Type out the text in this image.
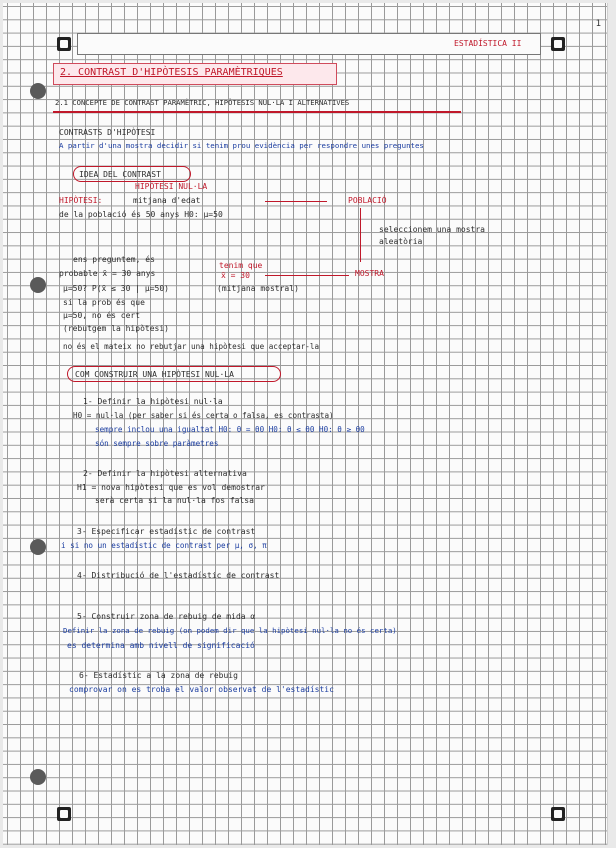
1
ESTADÍSTICA II
2. CONTRAST D'HIPÒTESIS PARAMÈTRIQUES
2.1 CONCEPTE DE CONTRAST PARAMÈTRIC, HIPÒTESIS NUL·LA I ALTERNATIVES
CONTRASTS D'HIPÒTESI
A partir d'una mostra decidir si tenim prou evidència per respondre unes preguntes
IDEA DEL CONTRAST
HIPÒTESI NUL·LA
HIPÒTESI:	mitjana d'edat	POBLACIÓ
de la població és 50 anys H0: μ=50
seleccionem una mostra
aleatòria
ens preguntem, és
probable x̄ = 30 anys
tenim que
x̄ = 30	MOSTRA
μ=50? P(x̄ ≤ 30 | μ=50)	(mitjana mostral)
si la prob és que
μ=50, no és cert
(rebutgem la hipòtesi)
no és el mateix no rebutjar una hipòtesi que acceptar-la
COM CONSTRUIR UNA HIPÒTESI NUL·LA
1- Definir la hipòtesi nul·la
H0 = nul·la (per saber si és certa o falsa, es contrasta)
sempre inclou una igualtat H0: θ = θ0 H0: θ ≤ θ0 H0: θ ≥ θ0
són sempre sobre paràmetres
2- Definir la hipòtesi alternativa
H1 = nova hipòtesi que es vol demostrar
serà certa si la nul·la fos falsa
3- Especificar estadístic de contrast
i si no un estadístic de contrast per μ, σ, π
4- Distribució de l'estadístic de contrast
5- Construir zona de rebuig de mida α
Definir la zona de rebuig (on podem dir que la hipòtesi nul·la no és certa)
es determina amb nivell de significació
6- Estadístic a la zona de rebuig
comprovar on es troba el valor observat de l'estadístic
